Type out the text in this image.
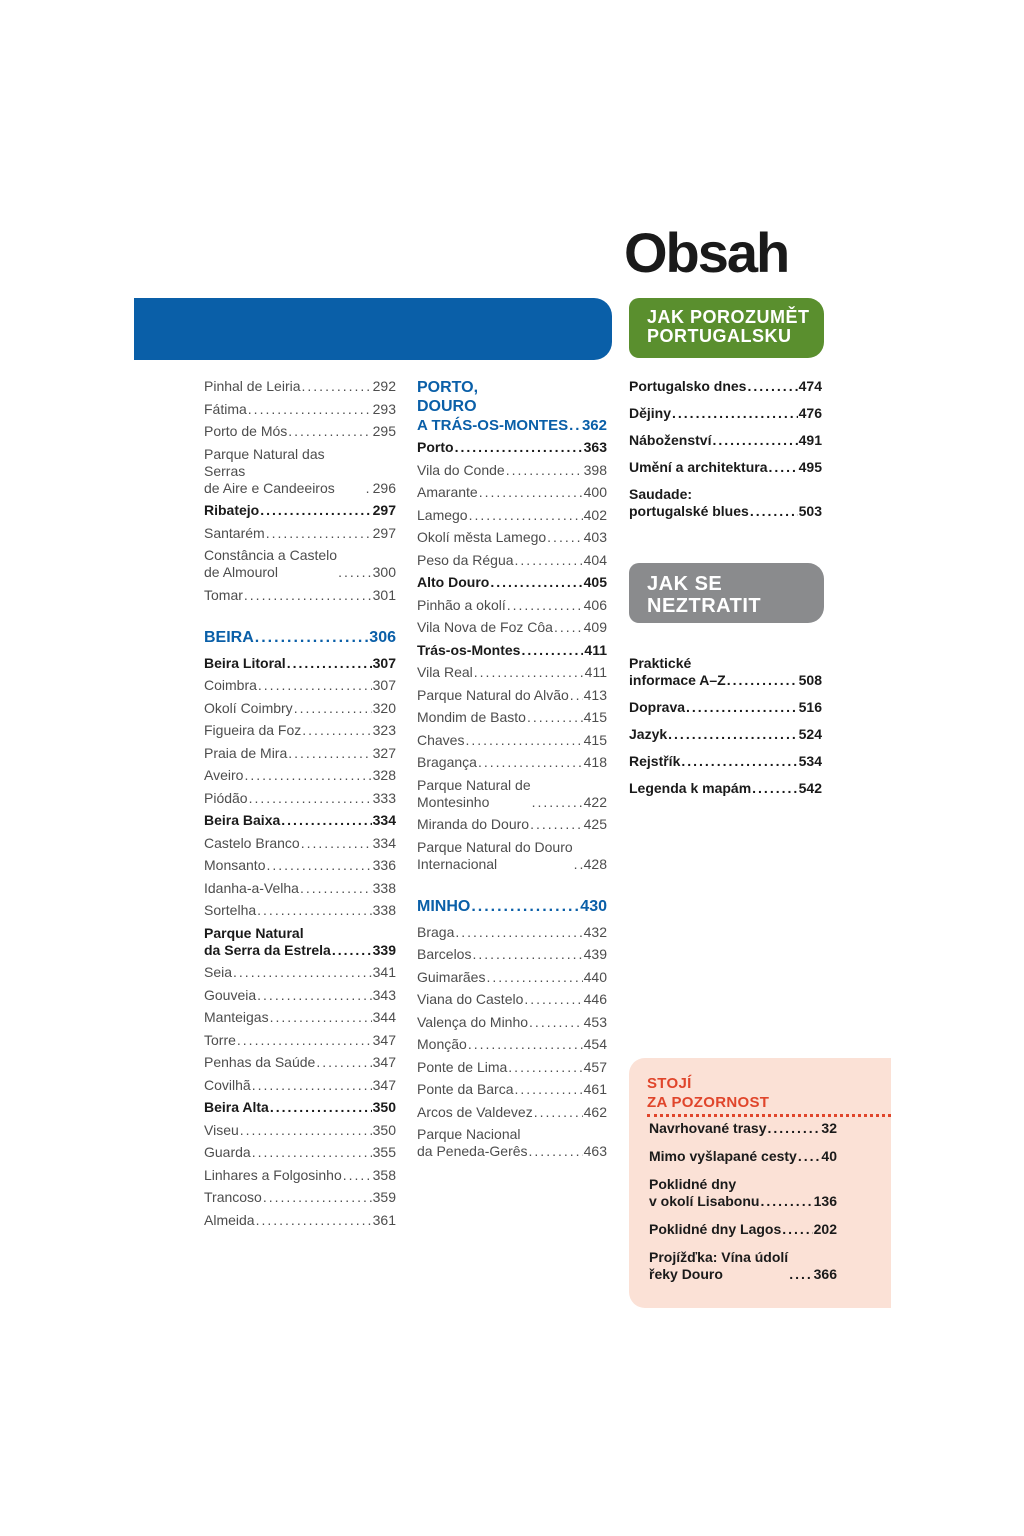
Obsah
Pinhal de Leiria .....	292
Fátima .....	293
Porto de Mós .....	295
Parque Natural das Serras
de Aire e Candeeiros .....	296
Ribatejo .....	297
Santarém .....	297
Constância a Castelo
de Almourol .....	300
Tomar .....	301
BEIRA .....	306
Beira Litoral .....	307
Coimbra .....	307
Okolí Coimbry .....	320
Figueira da Foz .....	323
Praia de Mira .....	327
Aveiro .....	328
Piódão .....	333
Beira Baixa .....	334
Castelo Branco .....	334
Monsanto .....	336
Idanha-a-Velha .....	338
Sortelha .....	338
Parque Natural
da Serra da Estrela .....	339
Seia .....	341
Gouveia .....	343
Manteigas .....	344
Torre .....	347
Penhas da Saúde .....	347
Covilhã .....	347
Beira Alta .....	350
Viseu .....	350
Guarda .....	355
Linhares a Folgosinho ..... 358
Trancoso .....	359
Almeida .....	361
PORTO,
DOURO
A TRÁS-OS-MONTES ..... 362
Porto .....	363
Vila do Conde .....	398
Amarante .....	400
Lamego .....	402
Okolí města Lamego .....	403
Peso da Régua .....	404
Alto Douro .....	405
Pinhão a okolí .....	406
Vila Nova de Foz Côa ..... 409
Trás-os-Montes .....	411
Vila Real .....	411
Parque Natural do Alvão ..... 413
Mondim de Basto .....	415
Chaves .....	415
Bragança .....	418
Parque Natural de
Montesinho .....	422
Miranda do Douro .....	425
Parque Natural do Douro
Internacional .....	428
MINHO .....	430
Braga .....	432
Barcelos .....	439
Guimarães .....	440
Viana do Castelo .....	446
Valença do Minho .....	453
Monção .....	454
Ponte de Lima .....	457
Ponte da Barca .....	461
Arcos de Valdevez .....	462
Parque Nacional
da Peneda-Gerês .....	463
JAK POROZUMĚT
PORTUGALSKU
Portugalsko dnes .....	474
Dějiny .....	476
Náboženství .....	491
Umění a architektura ..... 495
Saudade:
portugalské blues .....	503
JAK SE
NEZTRATIT
Praktické
informace A–Z .....	508
Doprava .....	516
Jazyk .....	524
Rejstřík .....	534
Legenda k mapám .....	542
STOJÍ
ZA POZORNOST
Navrhované trasy .....	32
Mimo vyšlapané cesty ..... 40
Poklidné dny
v okolí Lisabonu .....	136
Poklidné dny Lagos ..... 202
Projížďka: Vína údolí
řeky Douro .....	366
